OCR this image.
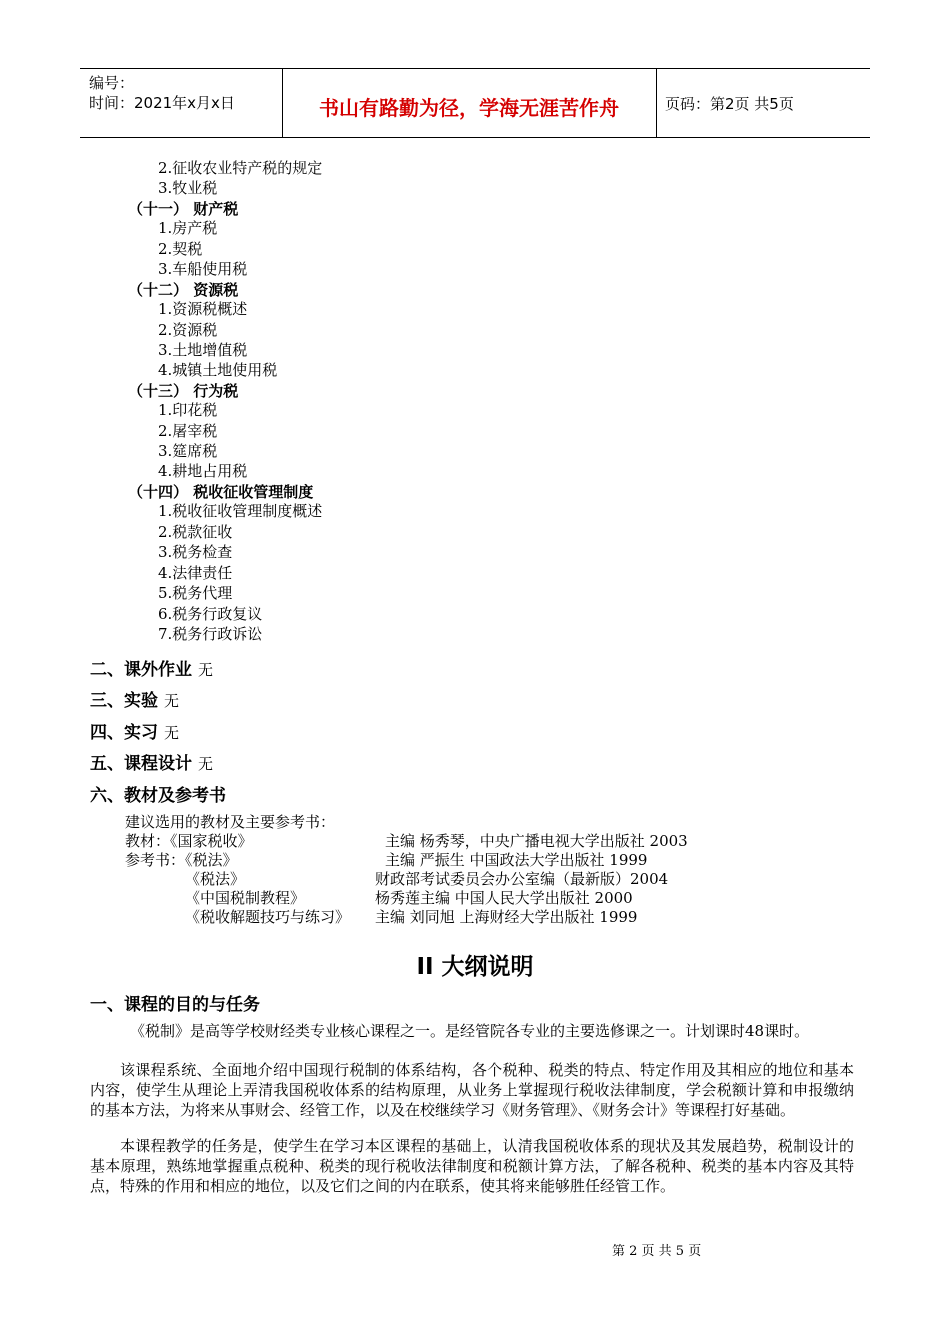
编号：
时间：2021年x月x日	书山有路勤为径，学海无涯苦作舟	页码：第2页 共5页
2.征收农业特产税的规定
3.牧业税
（十一） 财产税
1.房产税
2.契税
3.车船使用税
（十二） 资源税
1.资源税概述
2.资源税
3.土地增值税
4.城镇土地使用税
（十三） 行为税
1.印花税
2.屠宰税
3.筵席税
4.耕地占用税
（十四） 税收征收管理制度
1.税收征收管理制度概述
2.税款征收
3.税务检查
4.法律责任
5.税务代理
6.税务行政复议
7.税务行政诉讼
二、课外作业 无
三、实验 无
四、实习 无
五、课程设计 无
六、教材及参考书
建议选用的教材及主要参考书：
教材：《国家税收》	主编 杨秀琴，中央广播电视大学出版社 2003
参考书：《税法》	主编 严振生 中国政法大学出版社 1999
《税法》	财政部考试委员会办公室编（最新版）2004
《中国税制教程》	杨秀莲主编 中国人民大学出版社 2000
《税收解题技巧与练习》 主编 刘同旭 上海财经大学出版社 1999
II 大纲说明
一、课程的目的与任务
《税制》是高等学校财经类专业核心课程之一。是经管院各专业的主要选修课之一。计划课时48课时。
该课程系统、全面地介绍中国现行税制的体系结构，各个税种、税类的特点、特定作用及其相应的地位和基本内容，使学生从理论上弄清我国税收体系的结构原理，从业务上掌握现行税收法律制度，学会税额计算和申报缴纳的基本方法，为将来从事财会、经管工作，以及在校继续学习《财务管理》、《财务会计》等课程打好基础。
本课程教学的任务是，使学生在学习本区课程的基础上，认清我国税收体系的现状及其发展趋势，税制设计的基本原理，熟练地掌握重点税种、税类的现行税收法律制度和税额计算方法，了解各税种、税类的基本内容及其特点，特殊的作用和相应的地位，以及它们之间的内在联系，使其将来能够胜任经管工作。
第 2 页 共 5 页
